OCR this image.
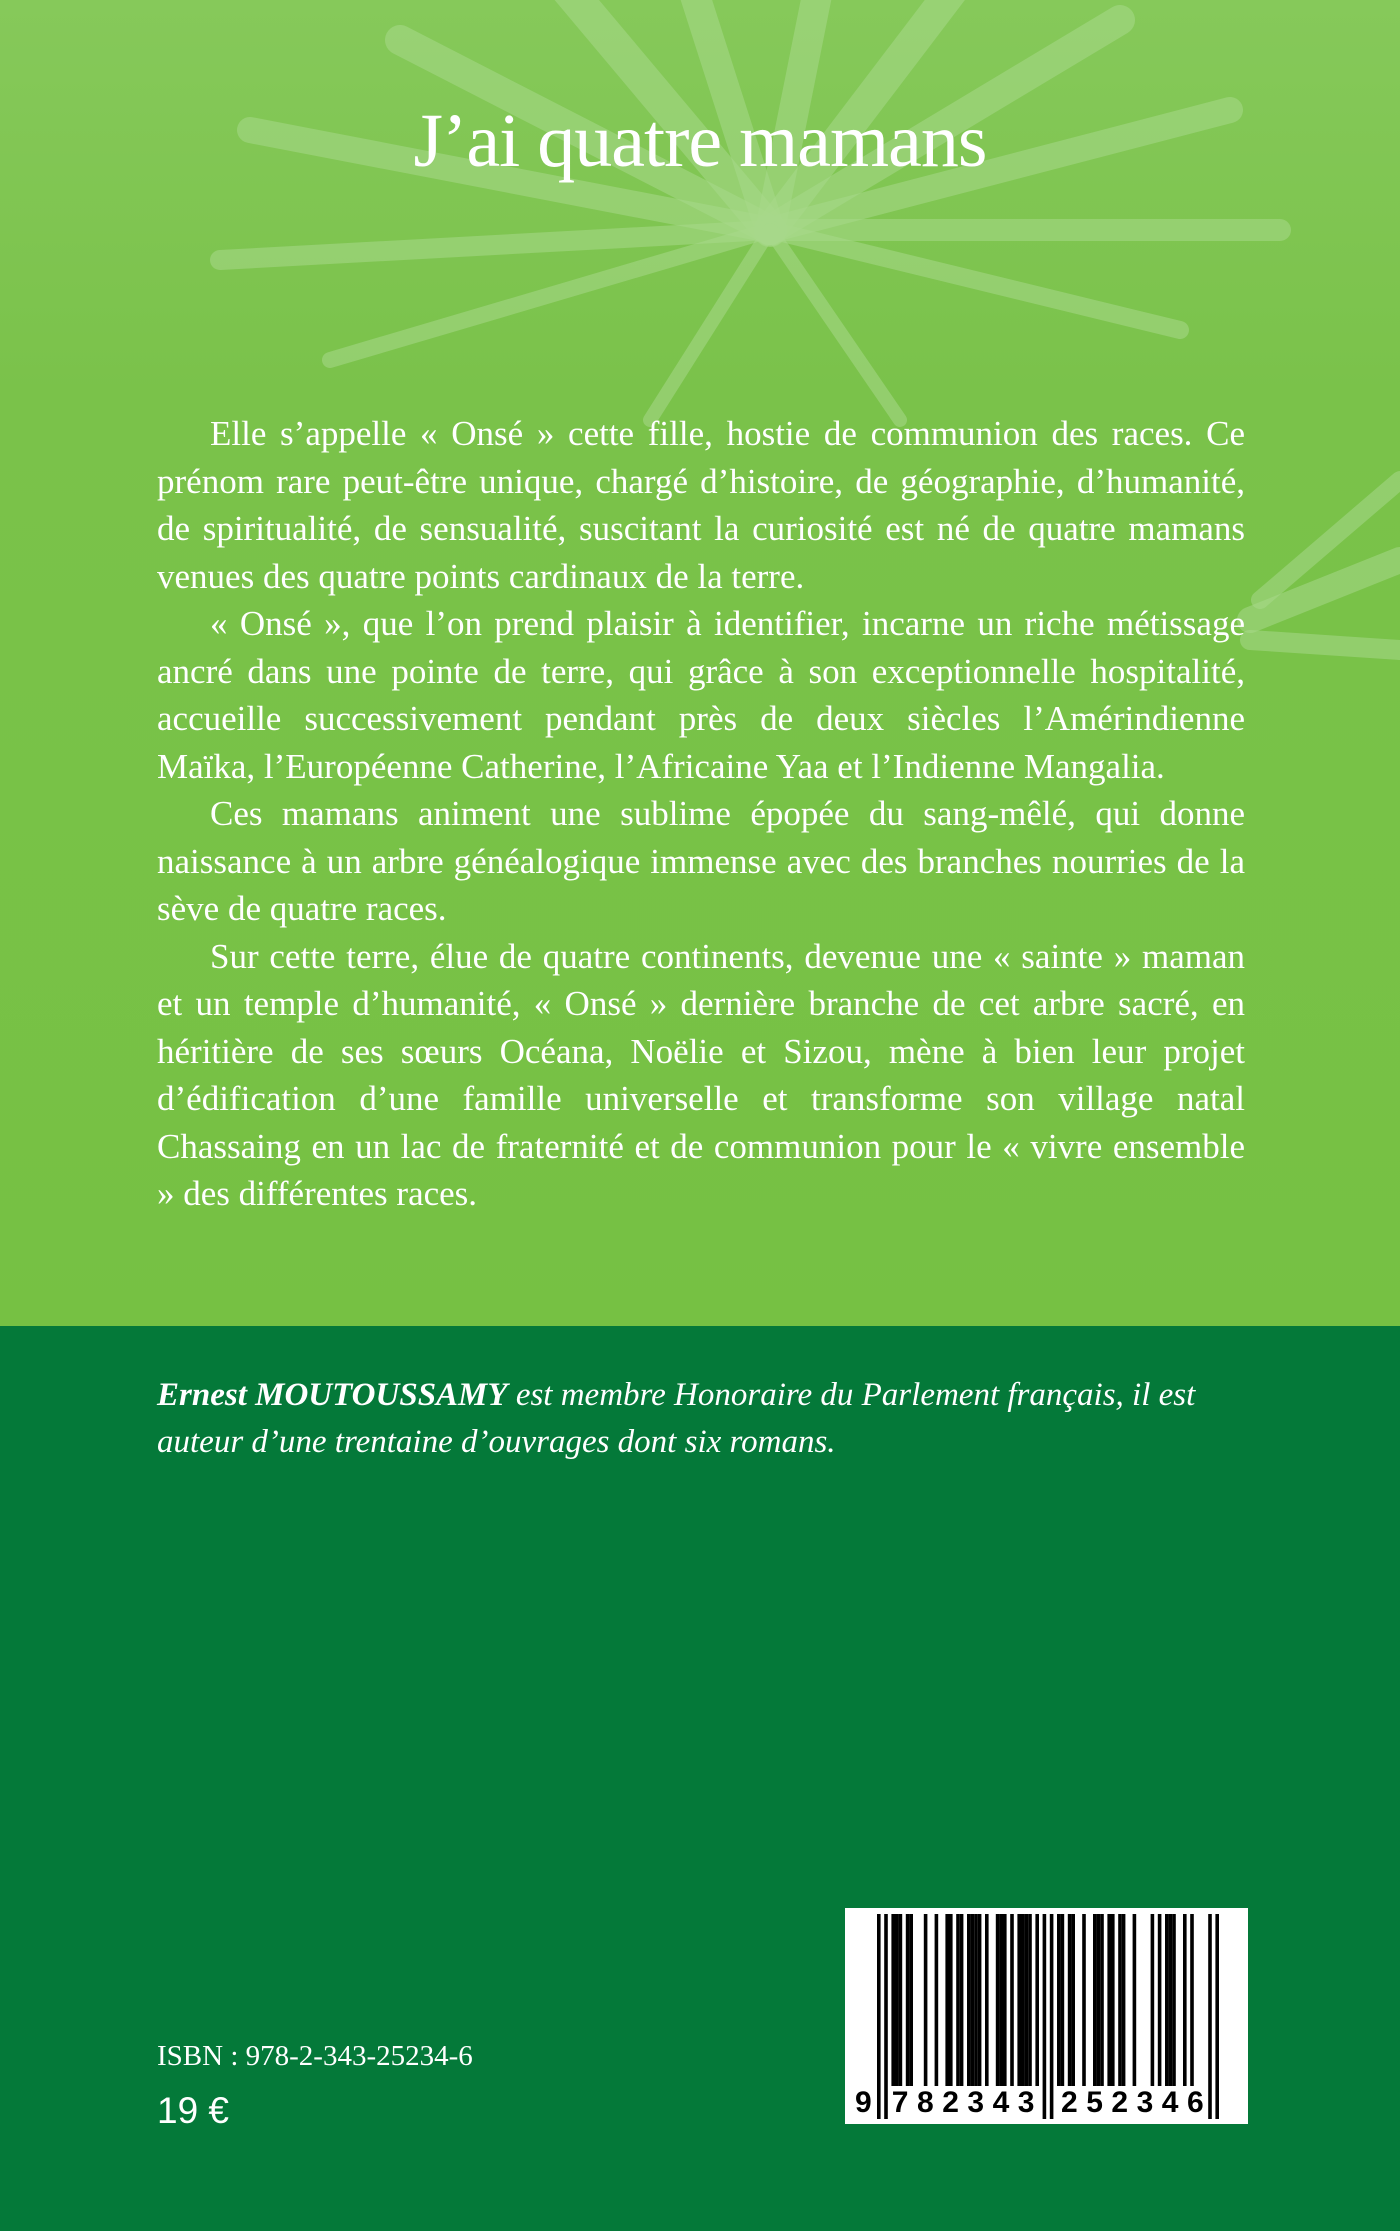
J’ai quatre mamans

Elle s’appelle « Onsé » cette fille, hostie de communion des races. Ce prénom rare peut-être unique, chargé d’histoire, de géographie, d’humanité, de spiritualité, de sensualité, suscitant la curiosité est né de quatre mamans venues des quatre points cardinaux de la terre.

« Onsé », que l’on prend plaisir à identifier, incarne un riche métissage ancré dans une pointe de terre, qui grâce à son exceptionnelle hospitalité, accueille successivement pendant près de deux siècles l’Amérindienne Maïka, l’Européenne Catherine, l’Africaine Yaa et l’Indienne Mangalia.

Ces mamans animent une sublime épopée du sang-mêlé, qui donne naissance à un arbre généalogique immense avec des branches nourries de la sève de quatre races.

Sur cette terre, élue de quatre continents, devenue une « sainte » maman et un temple d’humanité, « Onsé » dernière branche de cet arbre sacré, en héritière de ses sœurs Océana, Noëlie et Sizou, mène à bien leur projet d’édification d’une famille universelle et transforme son village natal Chassaing en un lac de fraternité et de communion pour le « vivre ensemble » des différentes races.

Ernest MOUTOUSSAMY est membre Honoraire du Parlement français, il est auteur d’une trentaine d’ouvrages dont six romans.
ISBN : 978-2-343-25234-6
19 €	9 7 8 2 3 4 3 2 5 2 3 4 6
